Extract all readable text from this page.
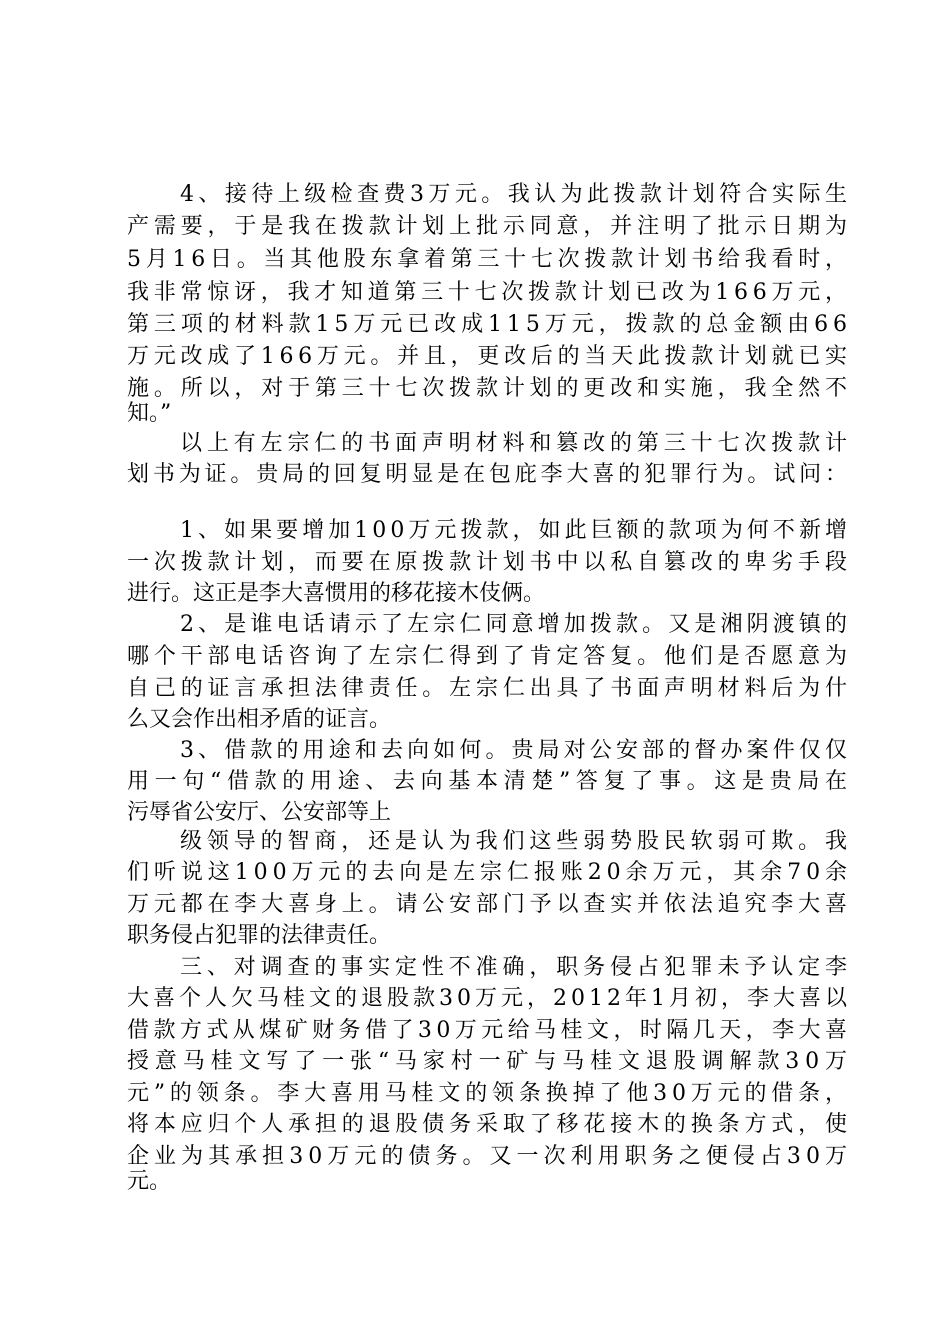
4、接待上级检查费3万元。我认为此拨款计划符合实际生
产需要，于是我在拨款计划上批示同意，并注明了批示日期为
5月16日。当其他股东拿着第三十七次拨款计划书给我看时，
我非常惊讶，我才知道第三十七次拨款计划已改为166万元，
第三项的材料款15万元已改成115万元，拨款的总金额由66
万元改成了166万元。并且，更改后的当天此拨款计划就已实
施。所以，对于第三十七次拨款计划的更改和实施，我全然不
知。”
以上有左宗仁的书面声明材料和篡改的第三十七次拨款计
划书为证。贵局的回复明显是在包庇李大喜的犯罪行为。试问：
1、如果要增加100万元拨款，如此巨额的款项为何不新增
一次拨款计划，而要在原拨款计划书中以私自篡改的卑劣手段
进行。这正是李大喜惯用的移花接木伎俩。
2、是谁电话请示了左宗仁同意增加拨款。又是湘阴渡镇的
哪个干部电话咨询了左宗仁得到了肯定答复。他们是否愿意为
自己的证言承担法律责任。左宗仁出具了书面声明材料后为什
么又会作出相矛盾的证言。
3、借款的用途和去向如何。贵局对公安部的督办案件仅仅
用一句“借款的用途、去向基本清楚”答复了事。这是贵局在
污辱省公安厅、公安部等上
级领导的智商，还是认为我们这些弱势股民软弱可欺。我
们听说这100万元的去向是左宗仁报账20余万元，其余70余
万元都在李大喜身上。请公安部门予以查实并依法追究李大喜
职务侵占犯罪的法律责任。
三、对调查的事实定性不准确，职务侵占犯罪未予认定李
大喜个人欠马桂文的退股款30万元，2012年1月初，李大喜以
借款方式从煤矿财务借了30万元给马桂文，时隔几天，李大喜
授意马桂文写了一张“马家村一矿与马桂文退股调解款30万
元”的领条。李大喜用马桂文的领条换掉了他30万元的借条，
将本应归个人承担的退股债务采取了移花接木的换条方式，使
企业为其承担30万元的债务。又一次利用职务之便侵占30万
元。
